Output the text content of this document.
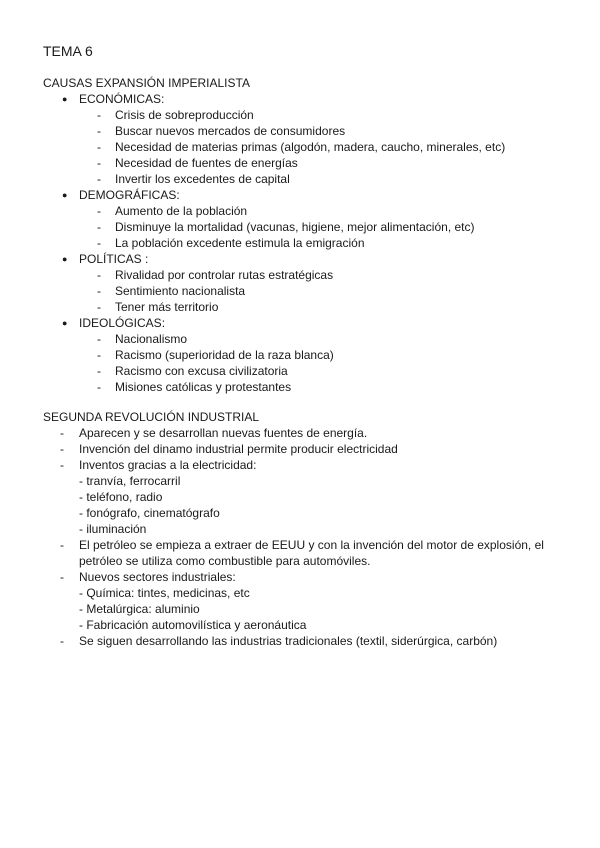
TEMA 6
CAUSAS EXPANSIÓN IMPERIALISTA
● ECONÓMICAS:
- Crisis de sobreproducción
- Buscar nuevos mercados de consumidores
- Necesidad de materias primas (algodón, madera, caucho, minerales, etc)
- Necesidad de fuentes de energías
- Invertir los excedentes de capital
● DEMOGRÁFICAS:
- Aumento de la población
- Disminuye la mortalidad (vacunas, higiene, mejor alimentación, etc)
- La población excedente estimula la emigración
● POLÍTICAS :
- Rivalidad por controlar rutas estratégicas
- Sentimiento nacionalista
- Tener más territorio
● IDEOLÓGICAS:
- Nacionalismo
- Racismo (superioridad de la raza blanca)
- Racismo con excusa civilizatoria
- Misiones católicas y protestantes
SEGUNDA REVOLUCIÓN INDUSTRIAL
- Aparecen y se desarrollan nuevas fuentes de energía.
- Invención del dinamo industrial permite producir electricidad
- Inventos gracias a la electricidad:
- tranvía, ferrocarril
- teléfono, radio
- fonógrafo, cinematógrafo
- iluminación
- El petróleo se empieza a extraer de EEUU y con la invención del motor de explosión, el
petróleo se utiliza como combustible para automóviles.
- Nuevos sectores industriales:
- Química: tintes, medicinas, etc
- Metalúrgica: aluminio
- Fabricación automovilística y aeronáutica
- Se siguen desarrollando las industrias tradicionales (textil, siderúrgica, carbón)
